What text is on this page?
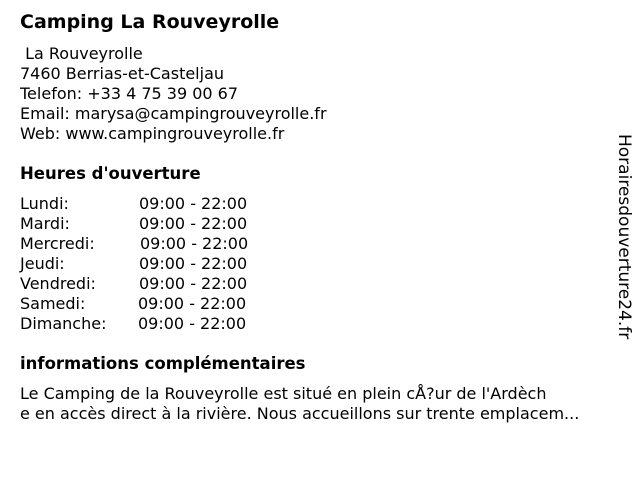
Camping La Rouveyrolle
La Rouveyrolle
7460 Berrias-et-Casteljau
Telefon: +33 4 75 39 00 67
Email: marysa@campingrouveyrolle.fr
Web: www.campingrouveyrolle.fr
Heures d'ouverture
Lundi:	09:00 - 22:00
Mardi:	09:00 - 22:00
Mercredi:	09:00 - 22:00
Jeudi:	09:00 - 22:00
Vendredi:	09:00 - 22:00
Samedi:	09:00 - 22:00
Dimanche: 09:00 - 22:00
informations complémentaires
Le Camping de la Rouveyrolle est situé en plein cÅ?ur de l'Ardèch
e en accès direct à la rivière. Nous accueillons sur trente emplacem...
Horairesdouverture24.fr
